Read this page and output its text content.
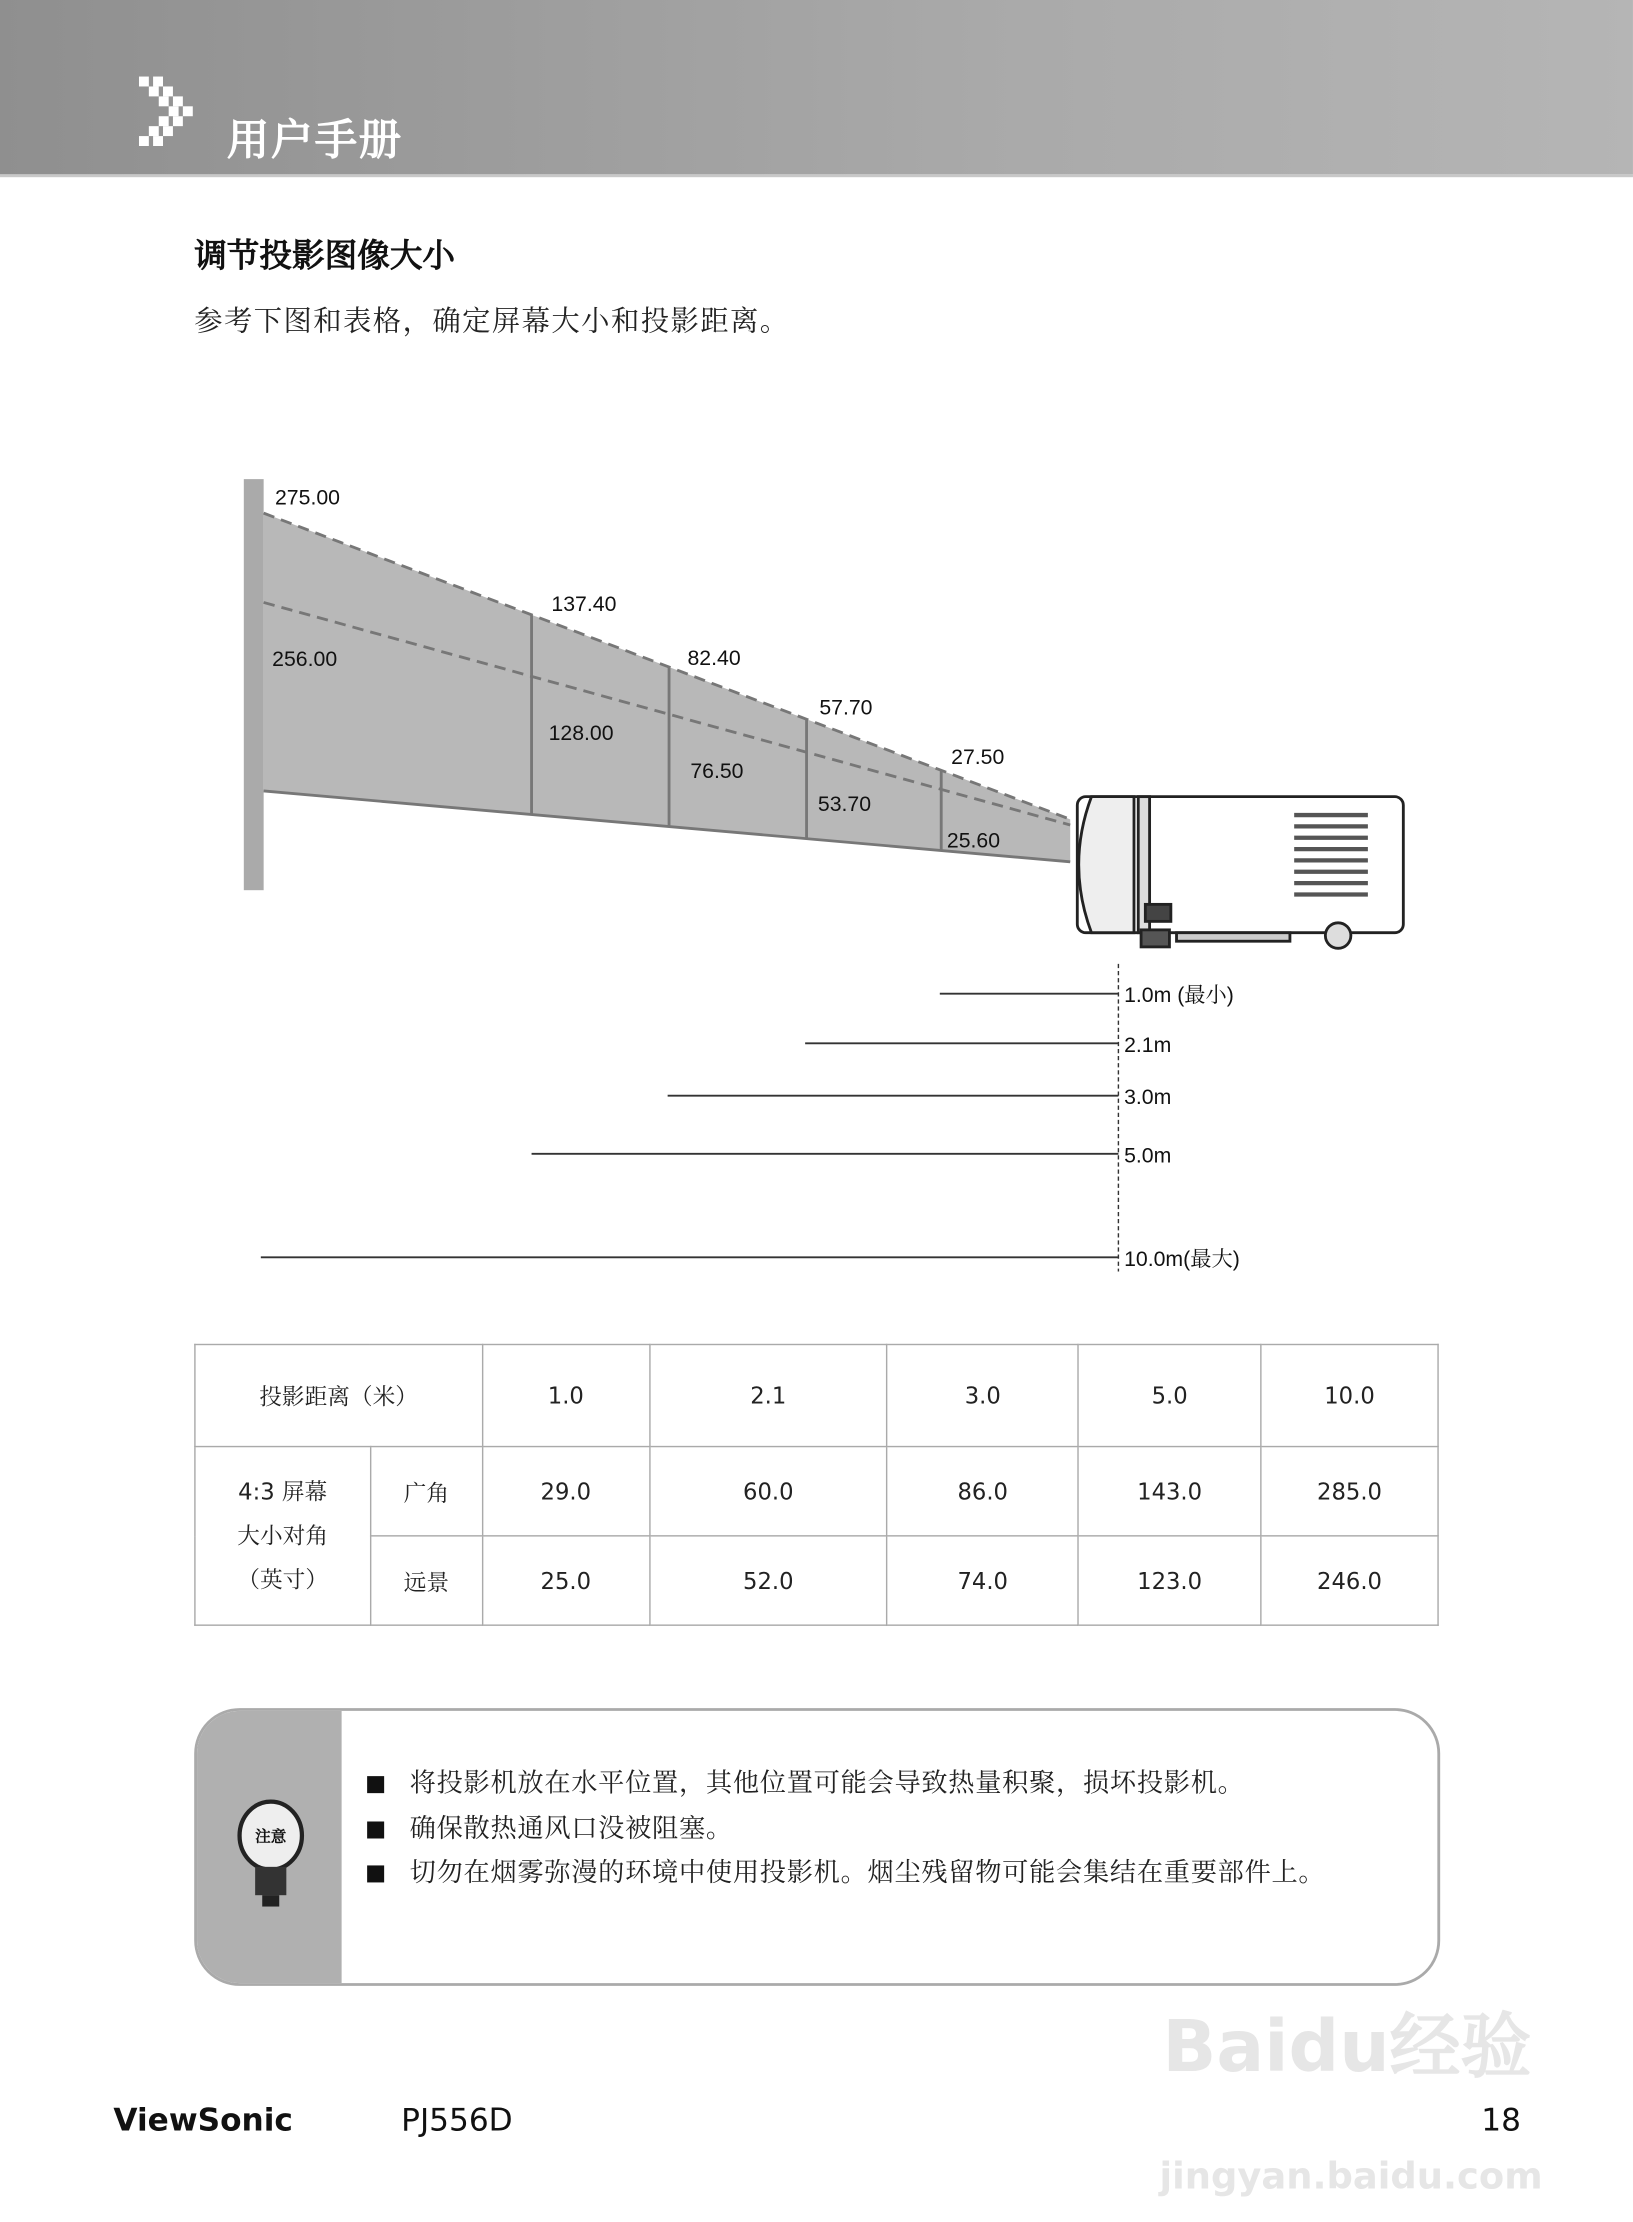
用户手册
调节投影图像大小
参考下图和表格，确定屏幕大小和投影距离。
275.00
137.40
82.40
57.70
27.50
256.00
128.00
76.50
53.70
25.60
1.0m (最小)
2.1m
3.0m
5.0m
10.0m(最大)
投影距离（米）		1.0	2.1	3.0	5.0	10.0

4:3 屏幕
大小对角
（英寸）	广角	29.0	60.0	86.0	143.0	285.0
	远景	25.0	52.0	74.0	123.0	246.0
注意
将投影机放在水平位置，其他位置可能会导致热量积聚，损坏投影机。
确保散热通风口没被阻塞。
切勿在烟雾弥漫的环境中使用投影机。烟尘残留物可能会集结在重要部件上。
Baidu经验
jingyan.baidu.com
ViewSonic	PJ556D	18
